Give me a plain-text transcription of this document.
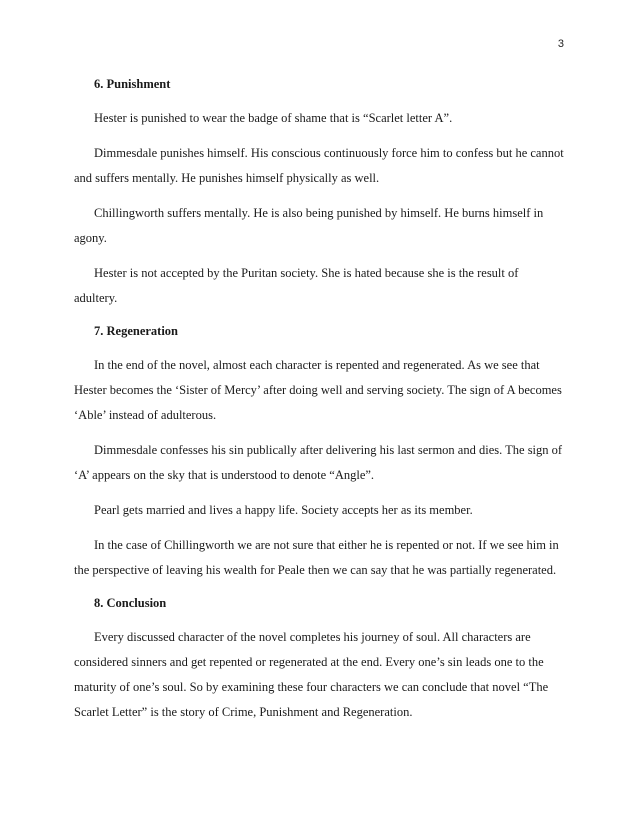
3
6. Punishment

Hester is punished to wear the badge of shame that is “Scarlet letter A”.

Dimmesdale punishes himself. His conscious continuously force him to confess but he cannot and suffers mentally. He punishes himself physically as well.

Chillingworth suffers mentally. He is also being punished by himself. He burns himself in agony.

Hester is not accepted by the Puritan society. She is hated because she is the result of adultery.

7. Regeneration

In the end of the novel, almost each character is repented and regenerated. As we see that Hester becomes the ‘Sister of Mercy’ after doing well and serving society. The sign of A becomes ‘Able’ instead of adulterous.

Dimmesdale confesses his sin publically after delivering his last sermon and dies. The sign of ‘A’ appears on the sky that is understood to denote “Angle”.

Pearl gets married and lives a happy life. Society accepts her as its member.

In the case of Chillingworth we are not sure that either he is repented or not. If we see him in the perspective of leaving his wealth for Peale then we can say that he was partially regenerated.

8. Conclusion

Every discussed character of the novel completes his journey of soul. All characters are considered sinners and get repented or regenerated at the end. Every one’s sin leads one to the maturity of one’s soul. So by examining these four characters we can conclude that novel “The Scarlet Letter” is the story of Crime, Punishment and Regeneration.
